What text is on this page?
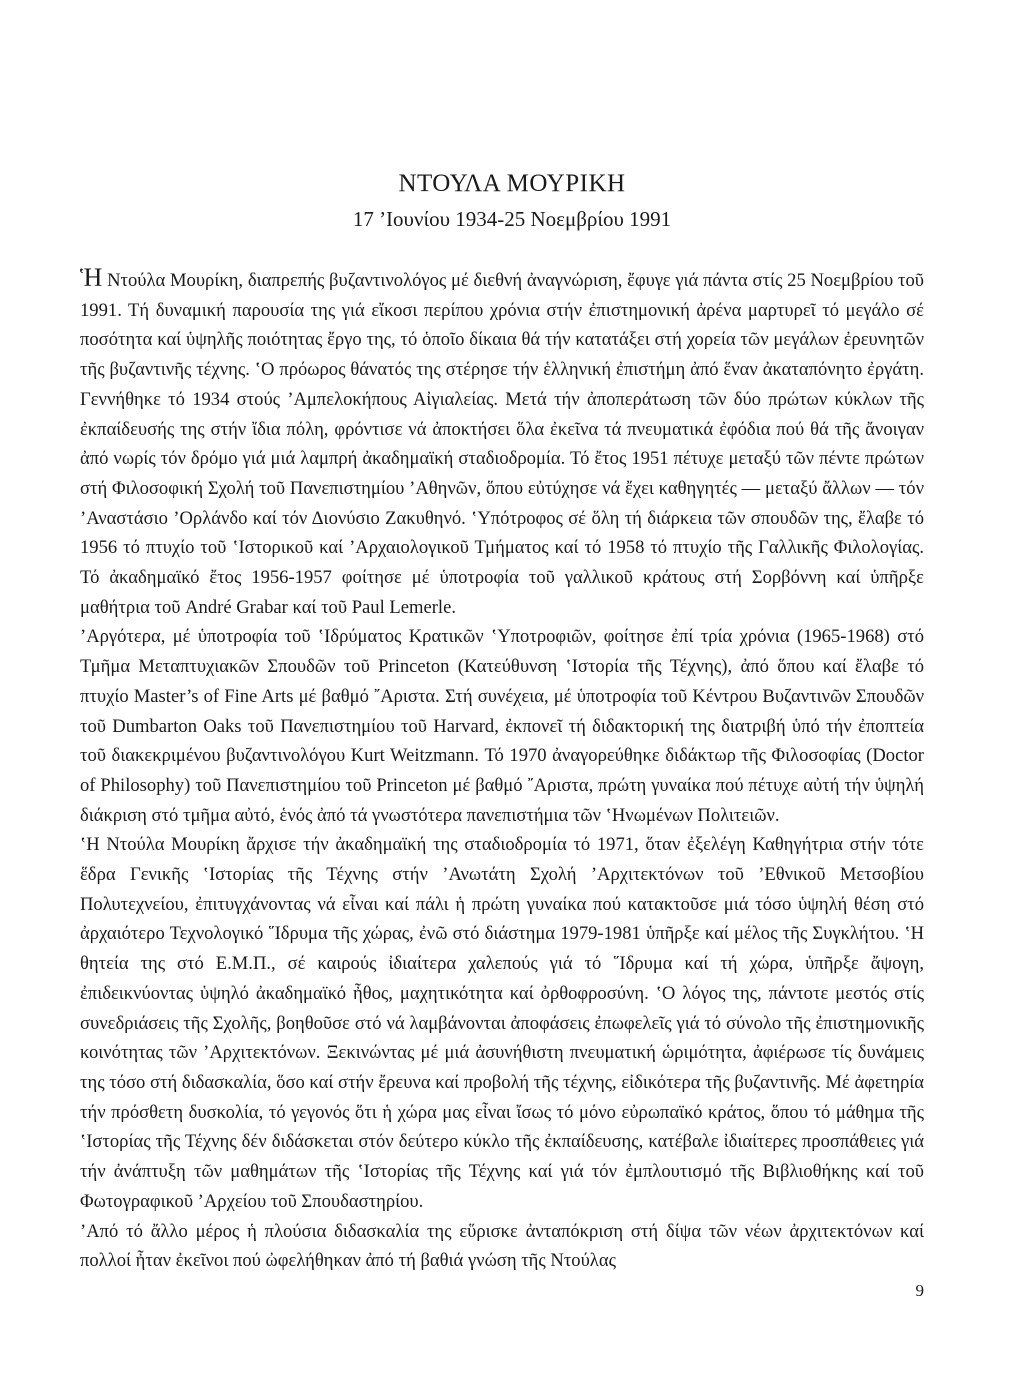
ΝΤΟΥΛΑ ΜΟΥΡΙΚΗ
17 ’Ιουνίου 1934-25 Νοεμβρίου 1991

Ἡ Ντούλα Μουρίκη, διαπρεπής βυζαντινολόγος μέ διεθνή ἀναγνώριση, ἔφυγε γιά πάντα στίς 25 Νοεμβρίου τοῦ 1991. Τή δυναμική παρουσία της γιά εἴκοσι περίπου χρόνια στήν ἐπιστημονική ἀρένα μαρτυρεῖ τό μεγάλο σέ ποσότητα καί ὑψηλῆς ποιότητας ἔργο της, τό ὁποῖο δίκαια θά τήν κατατάξει στή χορεία τῶν μεγάλων ἐρευνητῶν τῆς βυζαντινῆς τέχνης. ʽΟ πρόωρος θάνατός της στέρησε τήν ἑλληνική ἐπιστήμη ἀπό ἕναν ἀκαταπόνητο ἐργάτη. Γεννήθηκε τό 1934 στούς ’Αμπελοκήπους Αἰγιαλείας. Μετά τήν ἀποπεράτωση τῶν δύο πρώτων κύκλων τῆς ἐκπαίδευσής της στήν ἴδια πόλη, φρόντισε νά ἀποκτήσει ὅλα ἐκεῖνα τά πνευματικά ἐφόδια πού θά τῆς ἄνοιγαν ἀπό νωρίς τόν δρόμο γιά μιά λαμπρή ἀκαδημαϊκή σταδιοδρομία. Τό ἔτος 1951 πέτυχε μεταξύ τῶν πέντε πρώτων στή Φιλοσοφική Σχολή τοῦ Πανεπιστημίου ’Αθηνῶν, ὅπου εὐτύχησε νά ἔχει καθηγητές — μεταξύ ἄλλων — τόν ’Αναστάσιο ’Ορλάνδο καί τόν Διονύσιο Ζακυθηνό. ʽΥπότροφος σέ ὅλη τή διάρκεια τῶν σπουδῶν της, ἔλαβε τό 1956 τό πτυχίο τοῦ ʽΙστορικοῦ καί ’Αρχαιολογικοῦ Τμήματος καί τό 1958 τό πτυχίο τῆς Γαλλικῆς Φιλολογίας. Τό ἀκαδημαϊκό ἔτος 1956-1957 φοίτησε μέ ὑποτροφία τοῦ γαλλικοῦ κράτους στή Σορβόννη καί ὑπῆρξε μαθήτρια τοῦ André Grabar καί τοῦ Paul Lemerle.

’Αργότερα, μέ ὑποτροφία τοῦ ʽΙδρύματος Κρατικῶν ʽΥποτροφιῶν, φοίτησε ἐπί τρία χρόνια (1965-1968) στό Τμῆμα Μεταπτυχιακῶν Σπουδῶν τοῦ Princeton (Κατεύθυνση ʽΙστορία τῆς Τέχνης), ἀπό ὅπου καί ἔλαβε τό πτυχίο Master’s of Fine Arts μέ βαθμό ῎Αριστα. Στή συνέχεια, μέ ὑποτροφία τοῦ Κέντρου Βυζαντινῶν Σπουδῶν τοῦ Dumbarton Oaks τοῦ Πανεπιστημίου τοῦ Harvard, ἐκπονεῖ τή διδακτορική της διατριβή ὑπό τήν ἐποπτεία τοῦ διακεκριμένου βυζαντινολόγου Kurt Weitzmann. Τό 1970 ἀναγορεύθηκε διδάκτωρ τῆς Φιλοσοφίας (Doctor of Philosophy) τοῦ Πανεπιστημίου τοῦ Princeton μέ βαθμό ῎Αριστα, πρώτη γυναίκα πού πέτυχε αὐτή τήν ὑψηλή διάκριση στό τμῆμα αὐτό, ἑνός ἀπό τά γνωστότερα πανεπιστήμια τῶν ʽΗνωμένων Πολιτειῶν.

ʽΗ Ντούλα Μουρίκη ἄρχισε τήν ἀκαδημαϊκή της σταδιοδρομία τό 1971, ὅταν ἐξελέγη Καθηγήτρια στήν τότε ἕδρα Γενικῆς ʽΙστορίας τῆς Τέχνης στήν ’Ανωτάτη Σχολή ’Αρχιτεκτόνων τοῦ ’Εθνικοῦ Μετσοβίου Πολυτεχνείου, ἐπιτυγχάνοντας νά εἶναι καί πάλι ἡ πρώτη γυναίκα πού κατακτοῦσε μιά τόσο ὑψηλή θέση στό ἀρχαιότερο Τεχνολογικό ῞Ιδρυμα τῆς χώρας, ἐνῶ στό διάστημα 1979-1981 ὑπῆρξε καί μέλος τῆς Συγκλήτου. ʽΗ θητεία της στό Ε.Μ.Π., σέ καιρούς ἰδιαίτερα χαλεπούς γιά τό ῞Ιδρυμα καί τή χώρα, ὑπῆρξε ἄψογη, ἐπιδεικνύοντας ὑψηλό ἀκαδημαϊκό ἦθος, μαχητικότητα καί ὀρθοφροσύνη. ʽΟ λόγος της, πάντοτε μεστός στίς συνεδριάσεις τῆς Σχολῆς, βοηθοῦσε στό νά λαμβάνονται ἀποφάσεις ἐπωφελεῖς γιά τό σύνολο τῆς ἐπιστημονικῆς κοινότητας τῶν ’Αρχιτεκτόνων. Ξεκινώντας μέ μιά ἀσυνήθιστη πνευματική ὡριμότητα, ἀφιέρωσε τίς δυνάμεις της τόσο στή διδασκαλία, ὅσο καί στήν ἔρευνα καί προβολή τῆς τέχνης, εἰδικότερα τῆς βυζαντινῆς. Μέ ἀφετηρία τήν πρόσθετη δυσκολία, τό γεγονός ὅτι ἡ χώρα μας εἶναι ἴσως τό μόνο εὐρωπαϊκό κράτος, ὅπου τό μάθημα τῆς ʽΙστορίας τῆς Τέχνης δέν διδάσκεται στόν δεύτερο κύκλο τῆς ἐκπαίδευσης, κατέβαλε ἰδιαίτερες προσπάθειες γιά τήν ἀνάπτυξη τῶν μαθημάτων τῆς ʽΙστορίας τῆς Τέχνης καί γιά τόν ἐμπλουτισμό τῆς Βιβλιοθήκης καί τοῦ Φωτογραφικοῦ ’Αρχείου τοῦ Σπουδαστηρίου.

’Από τό ἄλλο μέρος ἡ πλούσια διδασκαλία της εὕρισκε ἀνταπόκριση στή δίψα τῶν νέων ἀρχιτεκτόνων καί πολλοί ἦταν ἐκεῖνοι πού ὠφελήθηκαν ἀπό τή βαθιά γνώση τῆς Ντούλας

9
